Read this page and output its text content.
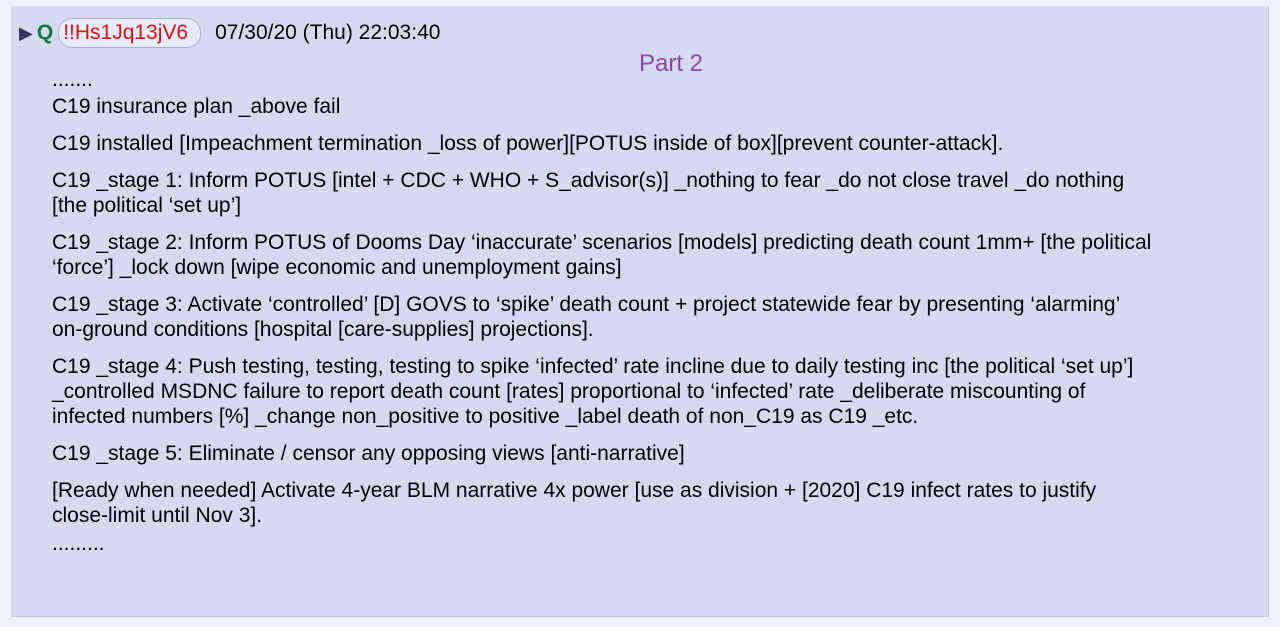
▶ Q !!Hs1Jq13jV6	07/30/20 (Thu) 22:03:40
Part 2
.......

C19 insurance plan _above fail

C19 installed [Impeachment termination _loss of power][POTUS inside of box][prevent counter-attack].

C19 _stage 1: Inform POTUS [intel + CDC + WHO + S_advisor(s)] _nothing to fear _do not close travel _do nothing [the political ‘set up’]

C19 _stage 2: Inform POTUS of Dooms Day ‘inaccurate’ scenarios [models] predicting death count 1mm+ [the political ‘force’] _lock down [wipe economic and unemployment gains]

C19 _stage 3: Activate ‘controlled’ [D] GOVS to ‘spike’ death count + project statewide fear by presenting ‘alarming’ on-ground conditions [hospital [care-supplies] projections].

C19 _stage 4: Push testing, testing, testing to spike ‘infected’ rate incline due to daily testing inc [the political ‘set up’] _controlled MSDNC failure to report death count [rates] proportional to ‘infected’ rate _deliberate miscounting of infected numbers [%] _change non_positive to positive _label death of non_C19 as C19 _etc.

C19 _stage 5: Eliminate / censor any opposing views [anti-narrative]

[Ready when needed] Activate 4-year BLM narrative 4x power [use as division + [2020] C19 infect rates to justify close-limit until Nov 3].

.........
